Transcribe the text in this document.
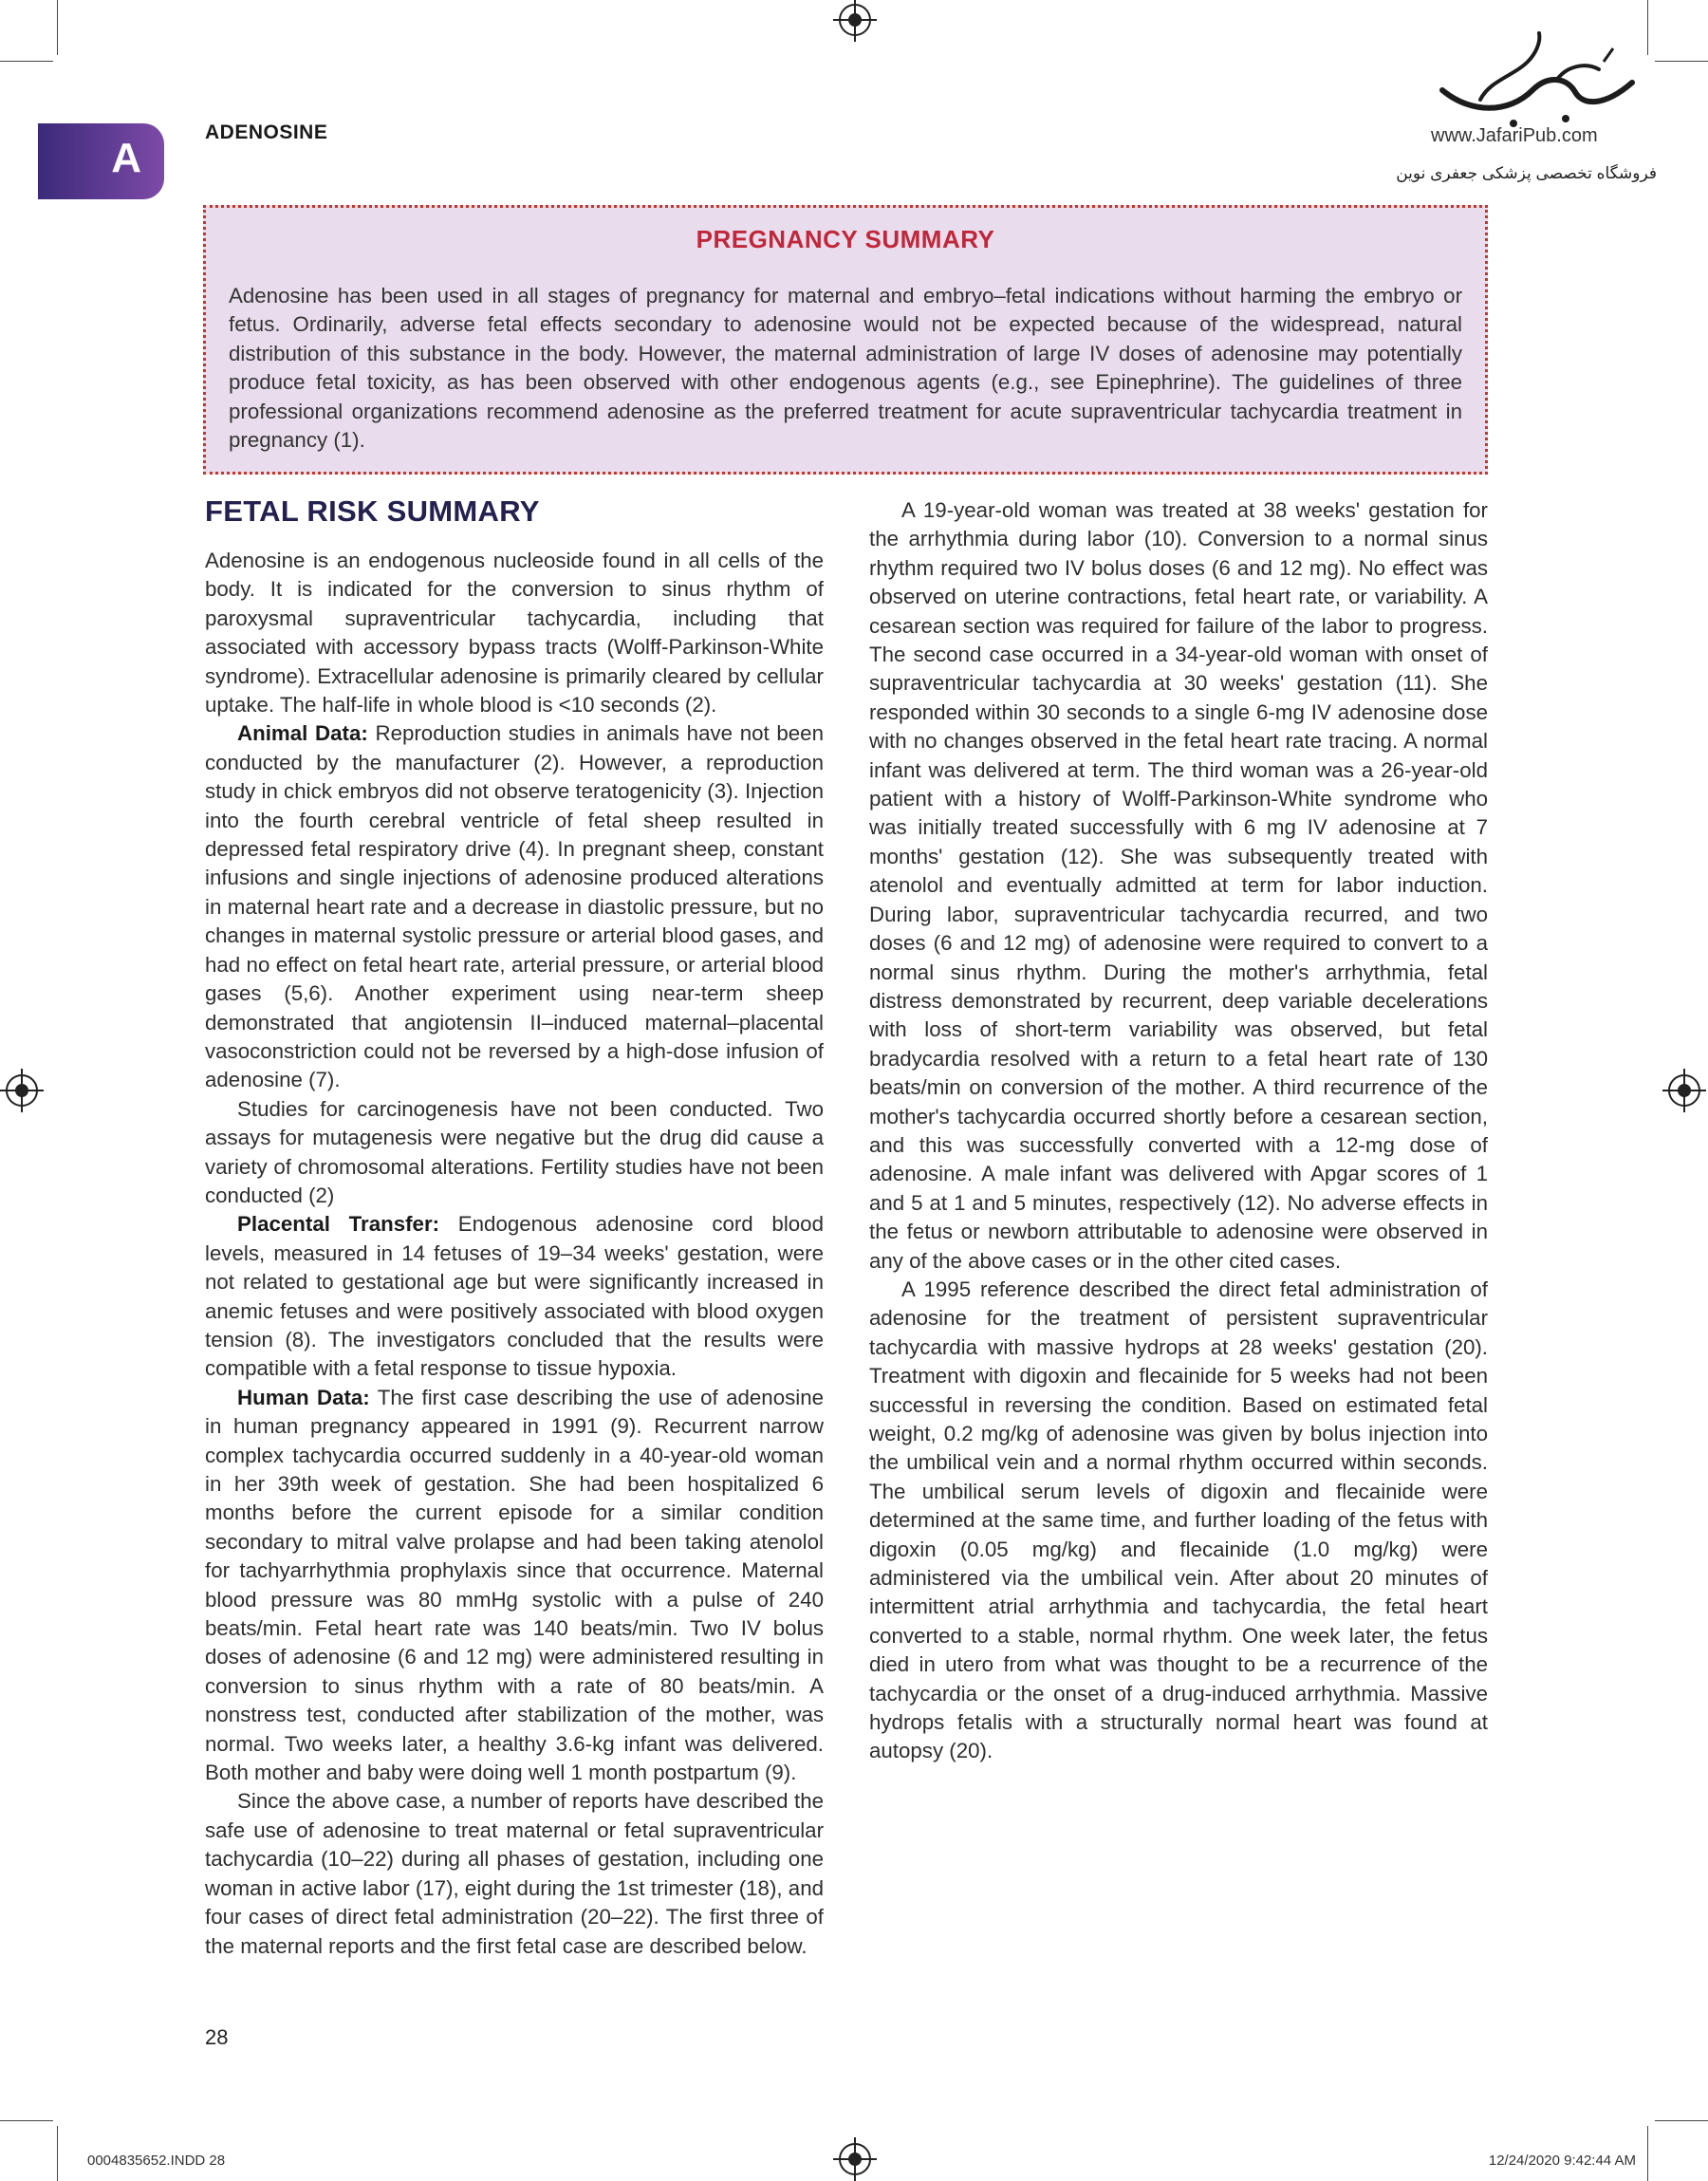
A
ADENOSINE	www.JafariPub.com
فروشگاه تخصصی پزشکی جعفری نوین
PREGNANCY SUMMARY
Adenosine has been used in all stages of pregnancy for maternal and embryo–fetal indications without harming the embryo or fetus. Ordinarily, adverse fetal effects secondary to adenosine would not be expected because of the widespread, natural distribution of this substance in the body. However, the maternal administration of large IV doses of adenosine may potentially produce fetal toxicity, as has been observed with other endogenous agents (e.g., see Epinephrine). The guidelines of three professional organizations recommend adenosine as the preferred treatment for acute supraventricular tachycardia treatment in pregnancy (1).
FETAL RISK SUMMARY

Adenosine is an endogenous nucleoside found in all cells of the body. It is indicated for the conversion to sinus rhythm of paroxysmal supraventricular tachycardia, including that associated with accessory bypass tracts (Wolff-Parkinson-White syndrome). Extracellular adenosine is primarily cleared by cellular uptake. The half-life in whole blood is <10 seconds (2).

Animal Data: Reproduction studies in animals have not been conducted by the manufacturer (2). However, a reproduction study in chick embryos did not observe teratogenicity (3). Injection into the fourth cerebral ventricle of fetal sheep resulted in depressed fetal respiratory drive (4). In pregnant sheep, constant infusions and single injections of adenosine produced alterations in maternal heart rate and a decrease in diastolic pressure, but no changes in maternal systolic pressure or arterial blood gases, and had no effect on fetal heart rate, arterial pressure, or arterial blood gases (5,6). Another experiment using near-term sheep demonstrated that angiotensin II–induced maternal–placental vasoconstriction could not be reversed by a high-dose infusion of adenosine (7).

Studies for carcinogenesis have not been conducted. Two assays for mutagenesis were negative but the drug did cause a variety of chromosomal alterations. Fertility studies have not been conducted (2)

Placental Transfer: Endogenous adenosine cord blood levels, measured in 14 fetuses of 19–34 weeks' gestation, were not related to gestational age but were significantly increased in anemic fetuses and were positively associated with blood oxygen tension (8). The investigators concluded that the results were compatible with a fetal response to tissue hypoxia.

Human Data: The first case describing the use of adenosine in human pregnancy appeared in 1991 (9). Recurrent narrow complex tachycardia occurred suddenly in a 40-year-old woman in her 39th week of gestation. She had been hospitalized 6 months before the current episode for a similar condition secondary to mitral valve prolapse and had been taking atenolol for tachyarrhythmia prophylaxis since that occurrence. Maternal blood pressure was 80 mmHg systolic with a pulse of 240 beats/min. Fetal heart rate was 140 beats/min. Two IV bolus doses of adenosine (6 and 12 mg) were administered resulting in conversion to sinus rhythm with a rate of 80 beats/min. A nonstress test, conducted after stabilization of the mother, was normal. Two weeks later, a healthy 3.6-kg infant was delivered. Both mother and baby were doing well 1 month postpartum (9).

Since the above case, a number of reports have described the safe use of adenosine to treat maternal or fetal supraventricular tachycardia (10–22) during all phases of gestation, including one woman in active labor (17), eight during the 1st trimester (18), and four cases of direct fetal administration (20–22). The first three of the maternal reports and the first fetal case are described below.

A 19-year-old woman was treated at 38 weeks' gestation for the arrhythmia during labor (10). Conversion to a normal sinus rhythm required two IV bolus doses (6 and 12 mg). No effect was observed on uterine contractions, fetal heart rate, or variability. A cesarean section was required for failure of the labor to progress. The second case occurred in a 34-year-old woman with onset of supraventricular tachycardia at 30 weeks' gestation (11). She responded within 30 seconds to a single 6-mg IV adenosine dose with no changes observed in the fetal heart rate tracing. A normal infant was delivered at term. The third woman was a 26-year-old patient with a history of Wolff-Parkinson-White syndrome who was initially treated successfully with 6 mg IV adenosine at 7 months' gestation (12). She was subsequently treated with atenolol and eventually admitted at term for labor induction. During labor, supraventricular tachycardia recurred, and two doses (6 and 12 mg) of adenosine were required to convert to a normal sinus rhythm. During the mother's arrhythmia, fetal distress demonstrated by recurrent, deep variable decelerations with loss of short-term variability was observed, but fetal bradycardia resolved with a return to a fetal heart rate of 130 beats/min on conversion of the mother. A third recurrence of the mother's tachycardia occurred shortly before a cesarean section, and this was successfully converted with a 12-mg dose of adenosine. A male infant was delivered with Apgar scores of 1 and 5 at 1 and 5 minutes, respectively (12). No adverse effects in the fetus or newborn attributable to adenosine were observed in any of the above cases or in the other cited cases.

A 1995 reference described the direct fetal administration of adenosine for the treatment of persistent supraventricular tachycardia with massive hydrops at 28 weeks' gestation (20). Treatment with digoxin and flecainide for 5 weeks had not been successful in reversing the condition. Based on estimated fetal weight, 0.2 mg/kg of adenosine was given by bolus injection into the umbilical vein and a normal rhythm occurred within seconds. The umbilical serum levels of digoxin and flecainide were determined at the same time, and further loading of the fetus with digoxin (0.05 mg/kg) and flecainide (1.0 mg/kg) were administered via the umbilical vein. After about 20 minutes of intermittent atrial arrhythmia and tachycardia, the fetal heart converted to a stable, normal rhythm. One week later, the fetus died in utero from what was thought to be a recurrence of the tachycardia or the onset of a drug-induced arrhythmia. Massive hydrops fetalis with a structurally normal heart was found at autopsy (20).

28
0004835652.INDD 28	12/24/2020 9:42:44 AM
